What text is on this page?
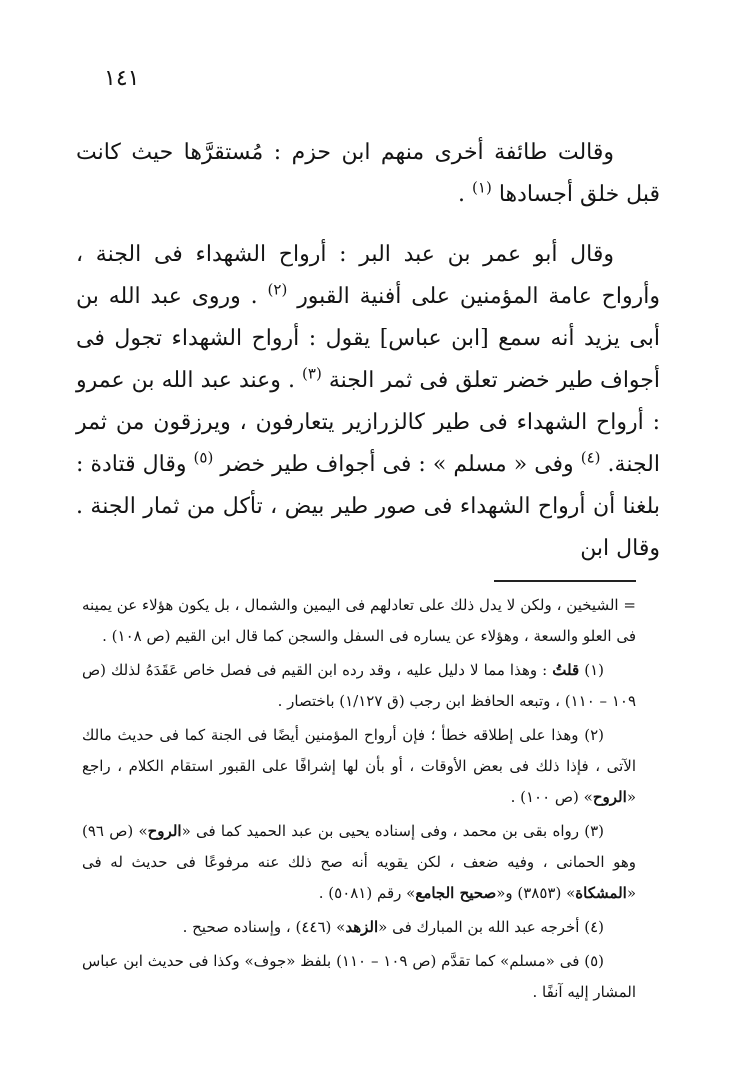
١٤١

وقالت طائفة أخرى منهم ابن حزم : مُستقرَّها حيث كانت قبل خلق أجسادها $^{(١)}$ .

وقال أبو عمر بن عبد البر : أرواح الشهداء فى الجنة ، وأرواح عامة المؤمنين على أفنية القبور $^{(٢)}$ . وروى عبد الله بن أبى يزيد أنه سمع [ابن عباس] يقول : أرواح الشهداء تجول فى أجواف طير خضر تعلق فى ثمر الجنة $^{(٣)}$ . وعند عبد الله بن عمرو : أرواح الشهداء فى طير كالزرازير يتعارفون ، ويرزقون من ثمر الجنة. $^{(٤)}$ وفى « مسلم » : فى أجواف طير خضر $^{(٥)}$ وقال قتادة : بلغنا أن أرواح الشهداء فى صور طير بيض ، تأكل من ثمار الجنة . وقال ابن

= الشيخين ، ولكن لا يدل ذلك على تعادلهم فى اليمين والشمال ، بل يكون هؤلاء عن يمينه فى العلو والسعة ، وهؤلاء عن يساره فى السفل والسجن كما قال ابن القيم (ص ١٠٨) .

(١) قلتُ : وهذا مما لا دليل عليه ، وقد رده ابن القيم فى فصل خاص عَقَدَهُ لذلك (ص ١٠٩ – ١١٠) ، وتبعه الحافظ ابن رجب (ق ١/١٢٧) باختصار .

(٢) وهذا على إطلاقه خطأ ؛ فإن أرواح المؤمنين أيضًا فى الجنة كما فى حديث مالك الآتى ، فإذا ذلك فى بعض الأوقات ، أو بأن لها إشرافًا على القبور استقام الكلام ، راجع «الروح» (ص ١٠٠) .

(٣) رواه بقى بن محمد ، وفى إسناده يحيى بن عبد الحميد كما فى «الروح» (ص ٩٦) وهو الحمانى ، وفيه ضعف ، لكن يقويه أنه صح ذلك عنه مرفوعًا فى حديث له فى «المشكاة» (٣٨٥٣) و«صحيح الجامع» رقم (٥٠٨١) .

(٤) أخرجه عبد الله بن المبارك فى «الزهد» (٤٤٦) ، وإسناده صحيح .

(٥) فى «مسلم» كما تقدَّم (ص ١٠٩ – ١١٠) بلفظ «جوف» وكذا فى حديث ابن عباس المشار إليه آنفًا .
